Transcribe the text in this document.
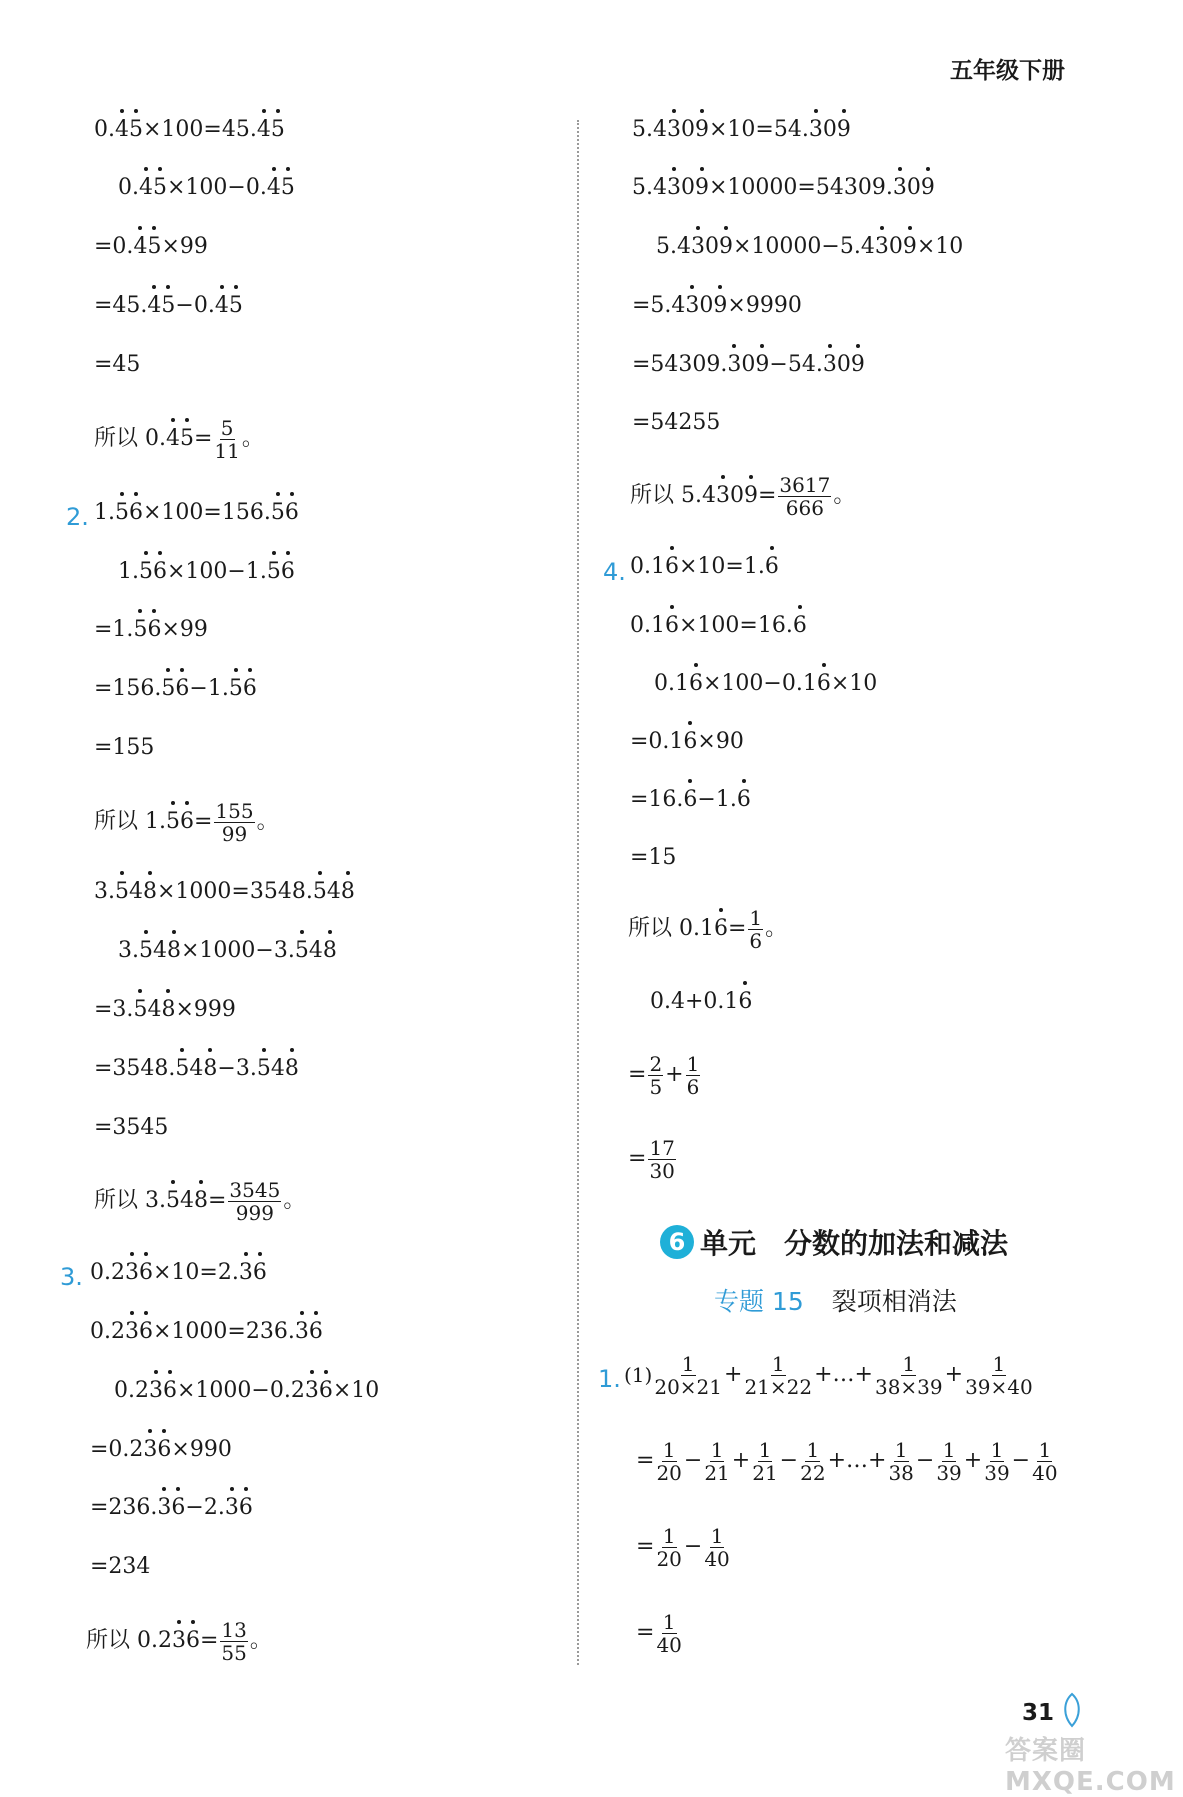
五年级下册
0. 4 5 ×100=45. 4 5
0. 4 5 ×100−0. 4 5
=0. 4 5 ×99
=45. 4 5 −0. 4 5
=45
所以 0. 4 $5 = \frac{5}{11}$ 。
2. 1. 5 6 ×100=156. 5 6
1. 5 6 ×100−1. 5 6
=1. 5 6 ×99
=156. 5 6 −1. 5 6
=155
所以 1. 5 $6 = \frac{155}{99}$ 。
3. 5 4 8 ×1000=3548. 5 4 8
3. 5 4 8 ×1000−3. 5 4 8
=3. 5 4 8 ×999
=3548. 5 4 8 −3. 5 4 8
=3545
所以 3. 5 4 $8 = \frac{3545}{999}$ 。
3. 0.2 3 6 ×10=2. 3 6
0.2 3 6 ×1000=236. 3 6
0.2 3 6 ×1000−0.2 3 6 ×10
=0.2 3 6 ×990
=236. 3 6 −2. 3 6
=234
所以 0.2 3 $6 = \frac{13}{55}$ 。
5.4 3 0 9 ×10=54. 3 0 9
5.4 3 0 9 ×10000=54309. 3 0 9
5.4 3 0 9 ×10000−5.4 3 0 9 ×10
=5.4 3 0 9 ×9990
=54309. 3 0 9 −54. 3 0 9
=54255
所以 5.4 3 0 $9 = \frac{3617}{666}$ 。
4. 0.1 6 ×10=1. 6
0.1 6 ×100=16. 6
0.1 6 ×100−0.1 6 ×10
=0.1 6 ×90
=16. 6 −1. 6
=15
所以 0.1 $6 = \frac{1}{6}$ 。
0.4+0.1 6
= $\frac{2}{5} + \frac{1}{6}$
= $\frac{17}{30}$
6 单元 分数的加法和减法
专题 15 裂项相消法
1. $(1) \frac{1}{20\times 21} + \frac{1}{21\times 22}$ +…+ $\frac{1}{38\times 39} + \frac{1}{39\times 40}$
= $\frac{1}{20} - \frac{1}{21} + \frac{1}{21} - \frac{1}{22}$ +…+ $\frac{1}{38} - \frac{1}{39} + \frac{1}{39} - \frac{1}{40}$
= $\frac{1}{20} - \frac{1}{40}$
= $\frac{1}{40}$
31
答案圈 MXQE.COM
